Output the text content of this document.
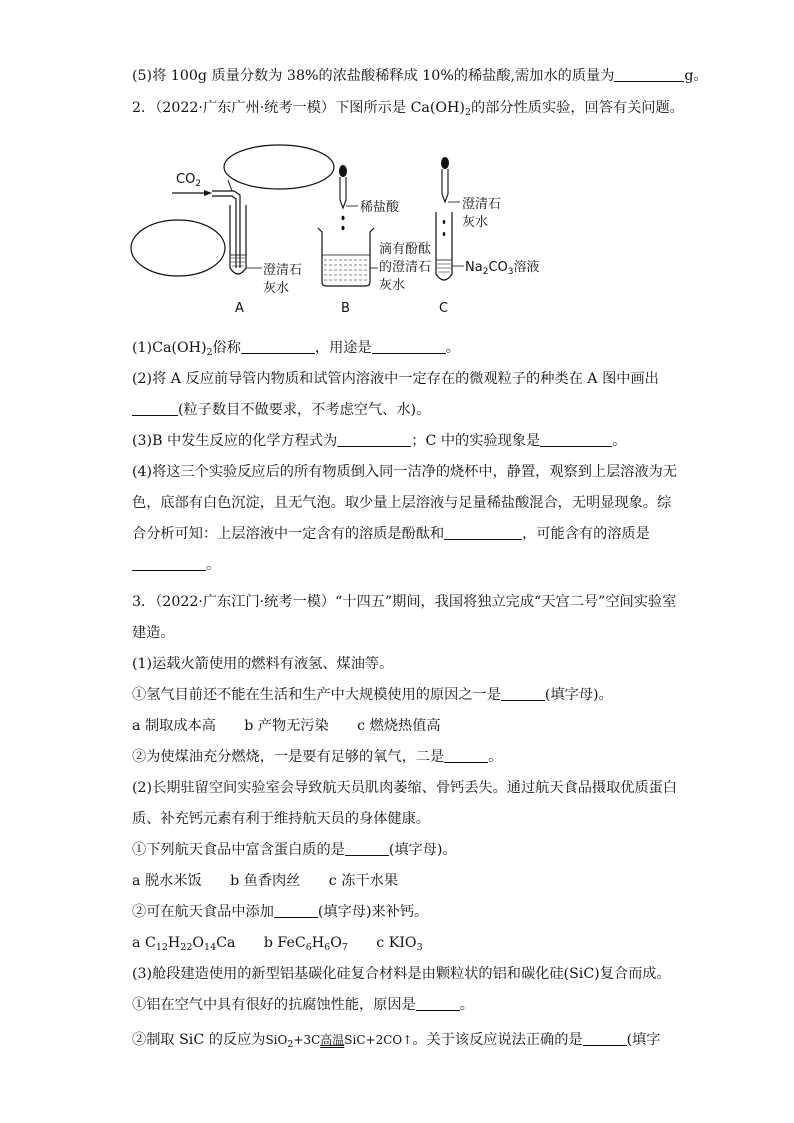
(5)将 100g 质量分数为 38%的浓盐酸稀释成 10%的稀盐酸,需加水的质量为	g。
2．（2022·广东广州·统考一模）下图所示是 $Ca(OH)_2$的部分性质实验，回答有关问题。
$CO_2$
澄清石
灰水
A
稀盐酸
滴有酚酞
的澄清石
灰水
B
澄清石
灰水
$Na_2CO_3$溶液
C
$(1)Ca(OH)_2$俗称	，用途是	。
(2)将 A 反应前导管内物质和试管内溶液中一定存在的微观粒子的种类在 A 图中画出
(粒子数目不做要求，不考虑空气、水)。
(3)B 中发生反应的化学方程式为	；C 中的实验现象是	。
(4)将这三个实验反应后的所有物质倒入同一洁净的烧杯中，静置，观察到上层溶液为无
色，底部有白色沉淀，且无气泡。取少量上层溶液与足量稀盐酸混合，无明显现象。综
合分析可知：上层溶液中一定含有的溶质是酚酞和	，可能含有的溶质是
。
3．（2022·广东江门·统考一模）“十四五”期间，我国将独立完成“天宫二号”空间实验室
建造。
(1)运载火箭使用的燃料有液氢、煤油等。
①氢气目前还不能在生活和生产中大规模使用的原因之一是	(填字母)。
a 制取成本高　　b 产物无污染　　c 燃烧热值高
②为使煤油充分燃烧，一是要有足够的氧气，二是	。
(2)长期驻留空间实验室会导致航天员肌肉萎缩、骨钙丢失。通过航天食品摄取优质蛋白
质、补充钙元素有利于维持航天员的身体健康。
①下列航天食品中富含蛋白质的是	(填字母)。
a 脱水米饭　　b 鱼香肉丝　　c 冻干水果
②可在航天食品中添加	(填字母)来补钙。
a $C_{12}H_{22}O_{14}Ca$　　b $FeC_6H_6O_7$　　c $KIO_3$
(3)舱段建造使用的新型铝基碳化硅复合材料是由颗粒状的铝和碳化硅(SiC)复合而成。
①铝在空气中具有很好的抗腐蚀性能，原因是	。
②制取 SiC 的反应为SiO$_2$+3C高温SiC+2CO↑。关于该反应说法正确的是	(填字
